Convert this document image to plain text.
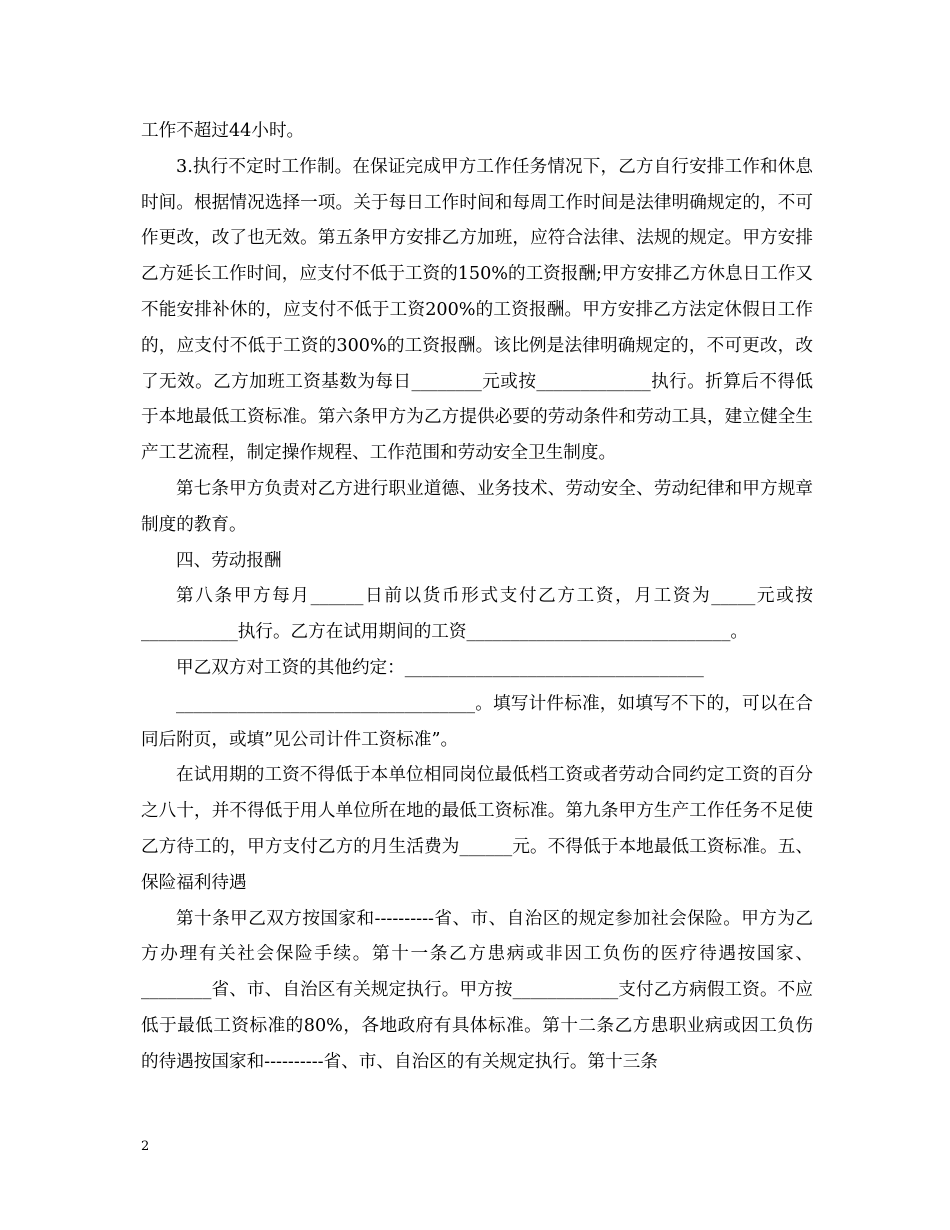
工作不超过44小时。

3.执行不定时工作制。在保证完成甲方工作任务情况下，乙方自行安排工作和休息时间。根据情况选择一项。关于每日工作时间和每周工作时间是法律明确规定的，不可作更改，改了也无效。第五条甲方安排乙方加班，应符合法律、法规的规定。甲方安排乙方延长工作时间，应支付不低于工资的150%的工资报酬;甲方安排乙方休息日工作又不能安排补休的，应支付不低于工资200%的工资报酬。甲方安排乙方法定休假日工作的，应支付不低于工资的300%的工资报酬。该比例是法律明确规定的，不可更改，改了无效。乙方加班工资基数为每日________元或按_____________执行。折算后不得低于本地最低工资标准。第六条甲方为乙方提供必要的劳动条件和劳动工具，建立健全生产工艺流程，制定操作规程、工作范围和劳动安全卫生制度。

第七条甲方负责对乙方进行职业道德、业务技术、劳动安全、劳动纪律和甲方规章制度的教育。

四、劳动报酬

第八条甲方每月______日前以货币形式支付乙方工资，月工资为_____元或按___________执行。乙方在试用期间的工资______________________________。

甲乙双方对工资的其他约定：__________________________________

__________________________________。填写计件标准，如填写不下的，可以在合同后附页，或填”见公司计件工资标准”。

在试用期的工资不得低于本单位相同岗位最低档工资或者劳动合同约定工资的百分之八十，并不得低于用人单位所在地的最低工资标准。第九条甲方生产工作任务不足使乙方待工的，甲方支付乙方的月生活费为______元。不得低于本地最低工资标准。五、保险福利待遇

第十条甲乙双方按国家和----------省、市、自治区的规定参加社会保险。甲方为乙方办理有关社会保险手续。第十一条乙方患病或非因工负伤的医疗待遇按国家、________省、市、自治区有关规定执行。甲方按____________支付乙方病假工资。不应低于最低工资标准的80%，各地政府有具体标准。第十二条乙方患职业病或因工负伤的待遇按国家和----------省、市、自治区的有关规定执行。第十三条

2
